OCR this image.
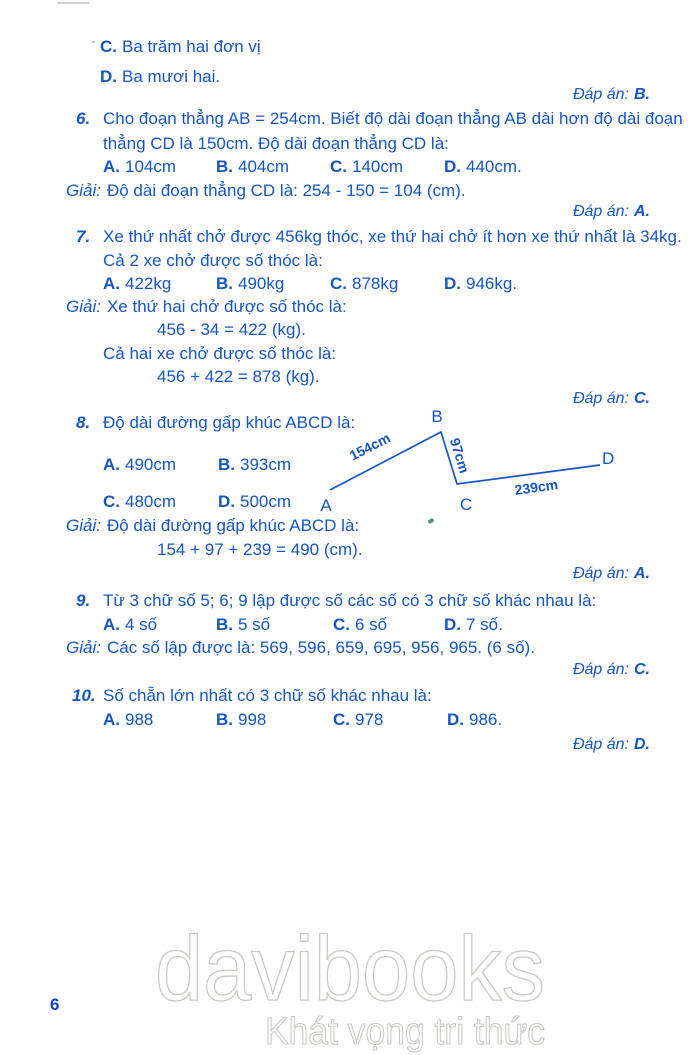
C. Ba trăm hai đơn vị
D. Ba mươi hai.
Đáp án: B.
6. Cho đoạn thẳng AB = 254cm. Biết độ dài đoạn thẳng AB dài hơn độ dài đoạn
thẳng CD là 150cm. Độ dài đoạn thẳng CD là:
A. 104cm B. 404cm C. 140cm D. 440cm.
Giải: Độ dài đoạn thẳng CD là: 254 - 150 = 104 (cm).
Đáp án: A.
7. Xe thứ nhất chở được 456kg thóc, xe thứ hai chở ít hơn xe thứ nhất là 34kg.
Cả 2 xe chở được số thóc là:
A. 422kg	B. 490kg	C. 878kg	D. 946kg.
Giải: Xe thứ hai chở được số thóc là:
456 - 34 = 422 (kg).
Cả hai xe chở được số thóc là:
456 + 422 = 878 (kg).
Đáp án: C.
8. Độ dài đường gấp khúc ABCD là:
A. 490cm B. 393cm
C. 480cm D. 500cm A
B
C
D
154cm	97cm
239cm
Giải: Độ dài đường gấp khúc ABCD là:
154 + 97 + 239 = 490 (cm).
Đáp án: A.
9. Từ 3 chữ số 5; 6; 9 lập được số các số có 3 chữ số khác nhau là:
A. 4 số	B. 5 số	C. 6 số	D. 7 số.
Giải: Các số lập được là: 569, 596, 659, 695, 956, 965. (6 số).
Đáp án: C.
10. Số chẵn lớn nhất có 3 chữ số khác nhau là:
A. 988	B. 998	C. 978	D. 986.
Đáp án: D.
davibooks
Khát vọng tri thức
6
